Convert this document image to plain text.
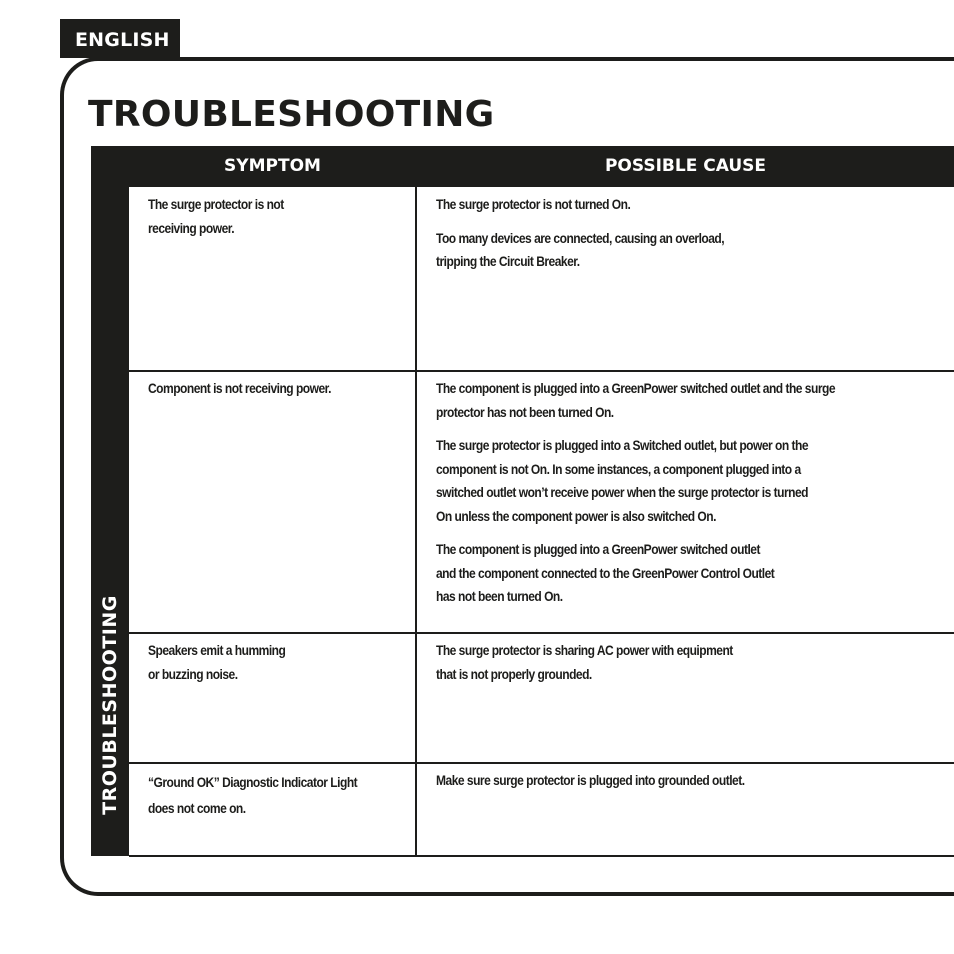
ENGLISH
TROUBLESHOOTING
SYMPTOM	POSSIBLE CAUSE
TROUBLESHOOTING

The surge protector is not
receiving power.

The surge protector is not turned On.

Too many devices are connected, causing an overload,
tripping the Circuit Breaker.

Component is not receiving power.	The component is plugged into a GreenPower switched outlet and the surge
protector has not been turned On.

The surge protector is plugged into a Switched outlet, but power on the
component is not On. In some instances, a component plugged into a
switched outlet won’t receive power when the surge protector is turned
On unless the component power is also switched On.

The component is plugged into a GreenPower switched outlet
and the component connected to the GreenPower Control Outlet
has not been turned On.

Speakers emit a humming
or buzzing noise.

The surge protector is sharing AC power with equipment
that is not properly grounded.

“Ground OK” Diagnostic Indicator Light
does not come on.

Make sure surge protector is plugged into grounded outlet.
